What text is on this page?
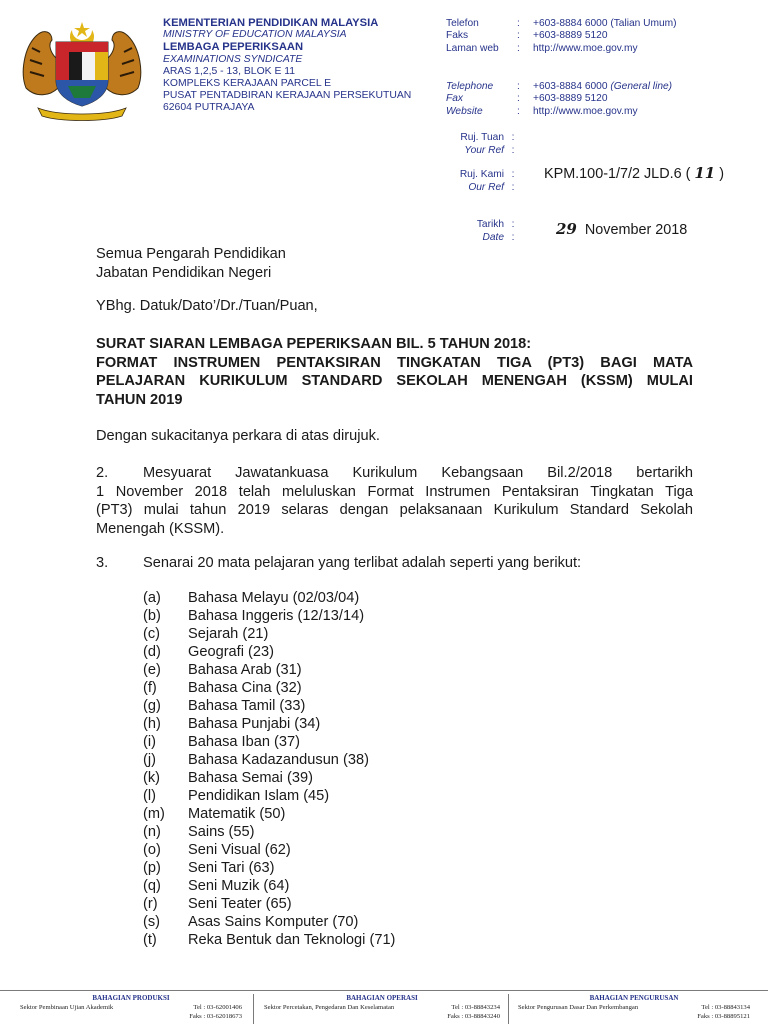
KEMENTERIAN PENDIDIKAN MALAYSIA
MINISTRY OF EDUCATION MALAYSIA
LEMBAGA PEPERIKSAAN
EXAMINATIONS SYNDICATE
ARAS 1,2,5 - 13, BLOK E 11
KOMPLEKS KERAJAAN PARCEL E
PUSAT PENTADBIRAN KERAJAAN PERSEKUTUAN
62604 PUTRAJAYA
Telefon	:	+603-8884 6000 (Talian Umum)
Faks	:	+603-8889 5120
Laman web	:	http://www.moe.gov.my
Telephone	:	+603-8884 6000
(General line)
Fax	:	+603-8889 5120
Website	:	http://www.moe.gov.my
Ruj. Tuan :
Your Ref :
Ruj. Kami :
Our Ref :
KPM.100-1/7/2 JLD.6 ( 11 )
Tarikh :
Date :	29 November 2018
Semua Pengarah Pendidikan
Jabatan Pendidikan Negeri
YBhg. Datuk/Dato’/Dr./Tuan/Puan,
SURAT SIARAN LEMBAGA PEPERIKSAAN BIL. 5 TAHUN 2018:
FORMAT INSTRUMEN PENTAKSIRAN TINGKATAN TIGA (PT3) BAGI MATA
PELAJARAN KURIKULUM STANDARD SEKOLAH MENENGAH (KSSM) MULAI
TAHUN 2019
Dengan sukacitanya perkara di atas dirujuk.
2. Mesyuarat Jawatankuasa Kurikulum Kebangsaan Bil.2/2018 bertarikh
1 November 2018 telah meluluskan Format Instrumen Pentaksiran Tingkatan Tiga
(PT3) mulai tahun 2019 selaras dengan pelaksanaan Kurikulum Standard Sekolah
Menengah (KSSM).
3. Senarai 20 mata pelajaran yang terlibat adalah seperti yang berikut:
(a)	Bahasa Melayu (02/03/04)
(b)	Bahasa Inggeris (12/13/14)
(c)	Sejarah (21)
(d)	Geografi (23)
(e)	Bahasa Arab (31)
(f)	Bahasa Cina (32)
(g)	Bahasa Tamil (33)
(h)	Bahasa Punjabi (34)
(i)	Bahasa Iban (37)
(j)	Bahasa Kadazandusun (38)
(k)	Bahasa Semai (39)
(l)	Pendidikan Islam (45)
(m)	Matematik (50)
(n)	Sains (55)
(o)	Seni Visual (62)
(p)	Seni Tari (63)
(q)	Seni Muzik (64)
(r)	Seni Teater (65)
(s)	Asas Sains Komputer (70)
(t)	Reka Bentuk dan Teknologi (71)
BAHAGIAN PRODUKSI
Sektor Pembinaan Ujian Akademik	Tel : 03-62001406
Faks : 03-62018673
BAHAGIAN OPERASI
Sektor Percetakan, Pengedaran Dan Keselamatan	Tel : 03-88843234
Faks : 03-88843240
BAHAGIAN PENGURUSAN
Sektor Pengurusan Dasar Dan Perkembangan	Tel : 03-88843134
Faks : 03-88895121
